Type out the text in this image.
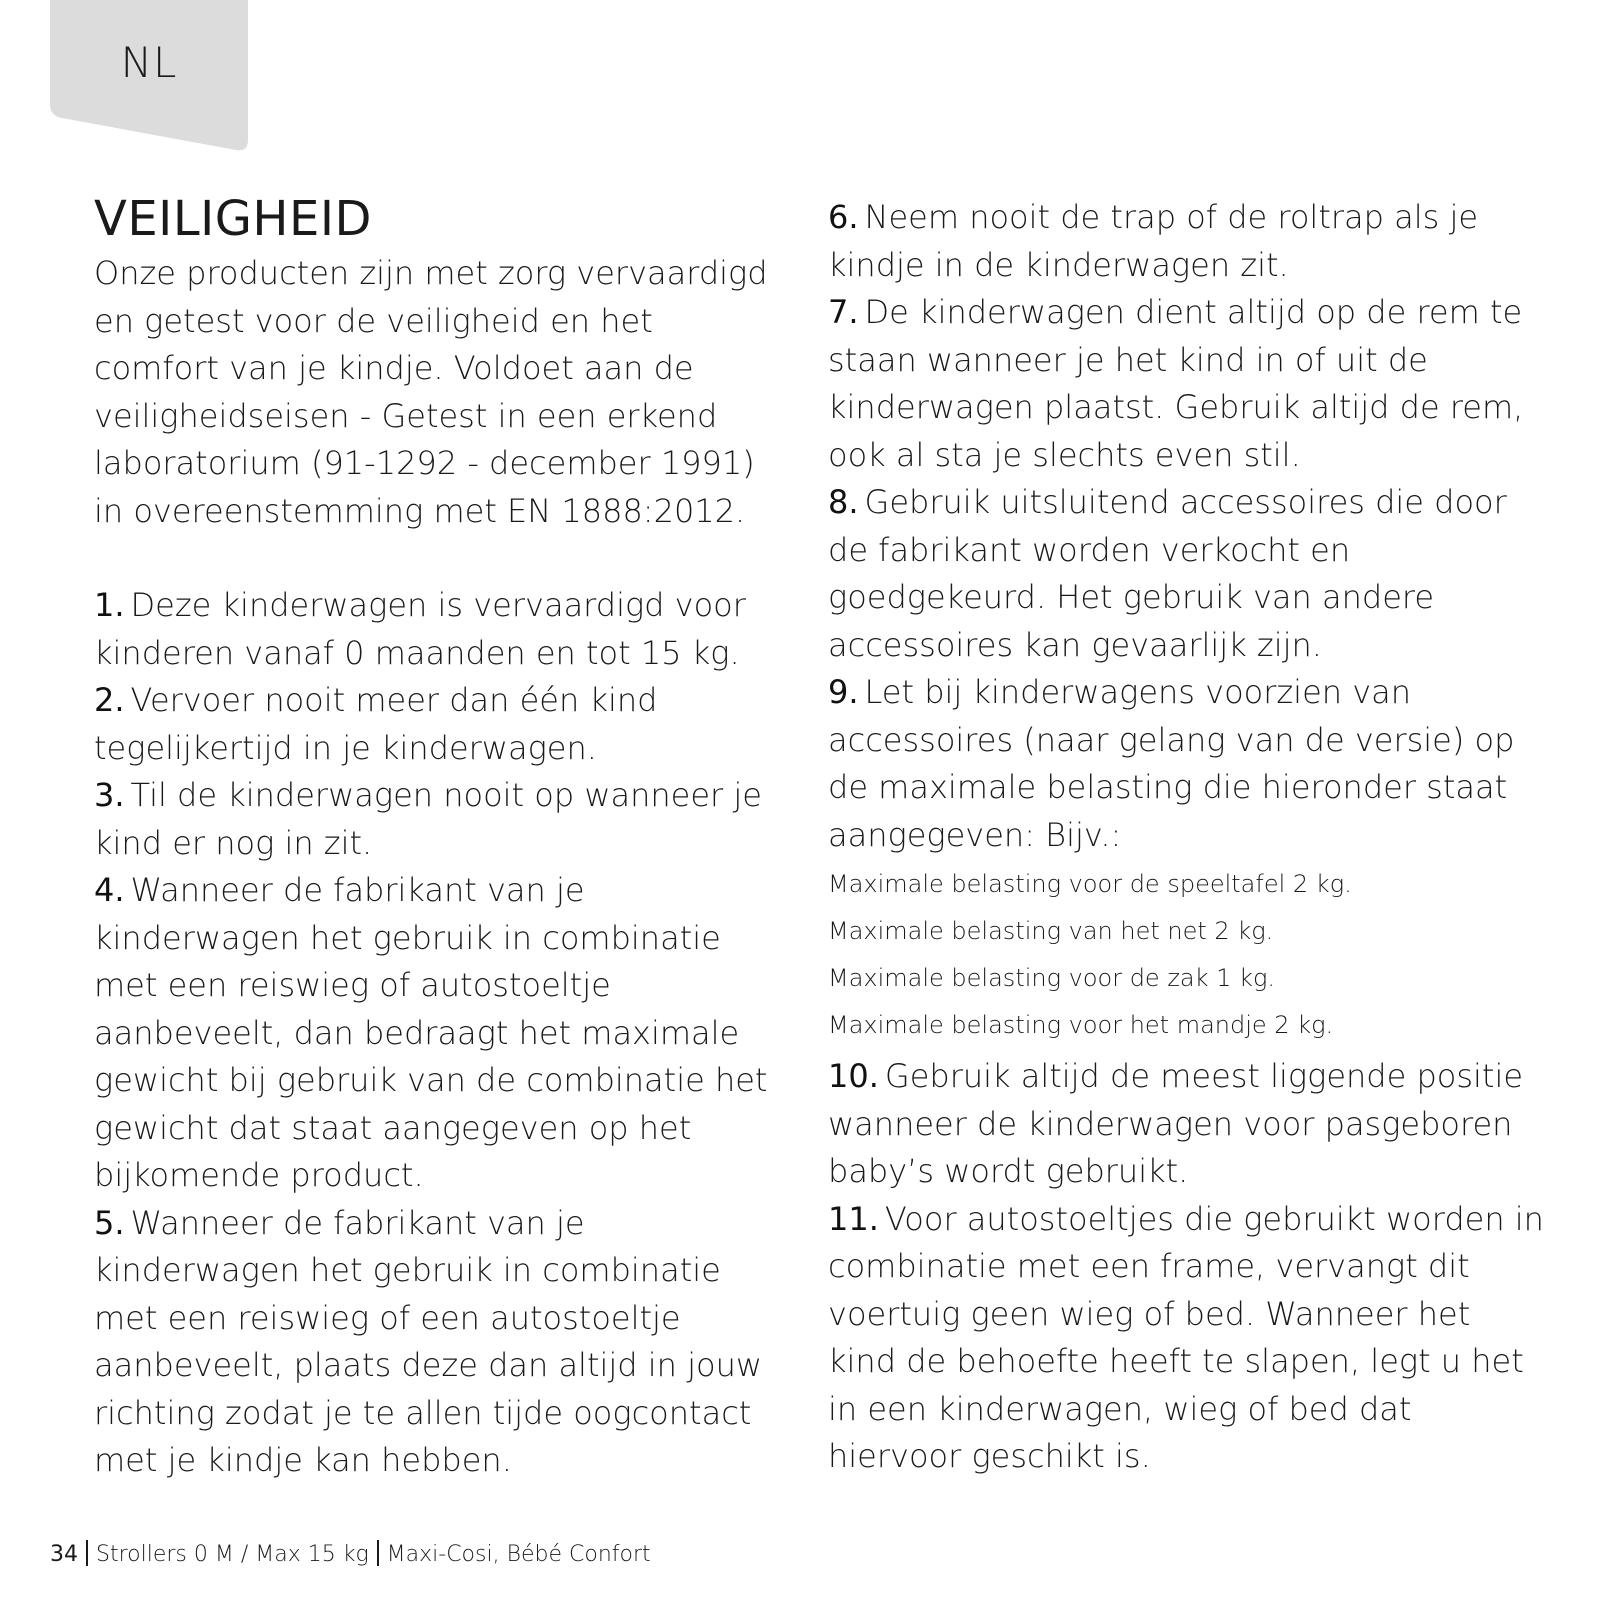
NL
VEILIGHEID

Onze producten zijn met zorg vervaardigd en getest voor de veiligheid en het comfort van je kindje. Voldoet aan de veiligheidseisen - Getest in een erkend laboratorium (91-1292 - december 1991) in overeenstemming met EN 1888:2012.

1. Deze kinderwagen is vervaardigd voor kinderen vanaf 0 maanden en tot 15 kg.

2. Vervoer nooit meer dan één kind tegelijkertijd in je kinderwagen.

3. Til de kinderwagen nooit op wanneer je kind er nog in zit.

4. Wanneer de fabrikant van je kinderwagen het gebruik in combinatie met een reiswieg of autostoeltje aanbeveelt, dan bedraagt het maximale gewicht bij gebruik van de combinatie het gewicht dat staat aangegeven op het bijkomende product.

5. Wanneer de fabrikant van je kinderwagen het gebruik in combinatie met een reiswieg of een autostoeltje aanbeveelt, plaats deze dan altijd in jouw richting zodat je te allen tijde oogcontact met je kindje kan hebben.

6. Neem nooit de trap of de roltrap als je kindje in de kinderwagen zit.

7. De kinderwagen dient altijd op de rem te staan wanneer je het kind in of uit de kinderwagen plaatst. Gebruik altijd de rem, ook al sta je slechts even stil.

8. Gebruik uitsluitend accessoires die door de fabrikant worden verkocht en goedgekeurd. Het gebruik van andere accessoires kan gevaarlijk zijn.

9. Let bij kinderwagens voorzien van accessoires (naar gelang van de versie) op de maximale belasting die hieronder staat aangegeven: Bijv.:

Maximale belasting voor de speeltafel 2 kg.
Maximale belasting van het net 2 kg.
Maximale belasting voor de zak 1 kg.
Maximale belasting voor het mandje 2 kg.

10. Gebruik altijd de meest liggende positie wanneer de kinderwagen voor pasgeboren baby’s wordt gebruikt.

11. Voor autostoeltjes die gebruikt worden in combinatie met een frame, vervangt dit voertuig geen wieg of bed. Wanneer het kind de behoefte heeft te slapen, legt u het in een kinderwagen, wieg of bed dat hiervoor geschikt is.

34 Strollers 0 M / Max 15 kg Maxi-Cosi, Bébé Confort
